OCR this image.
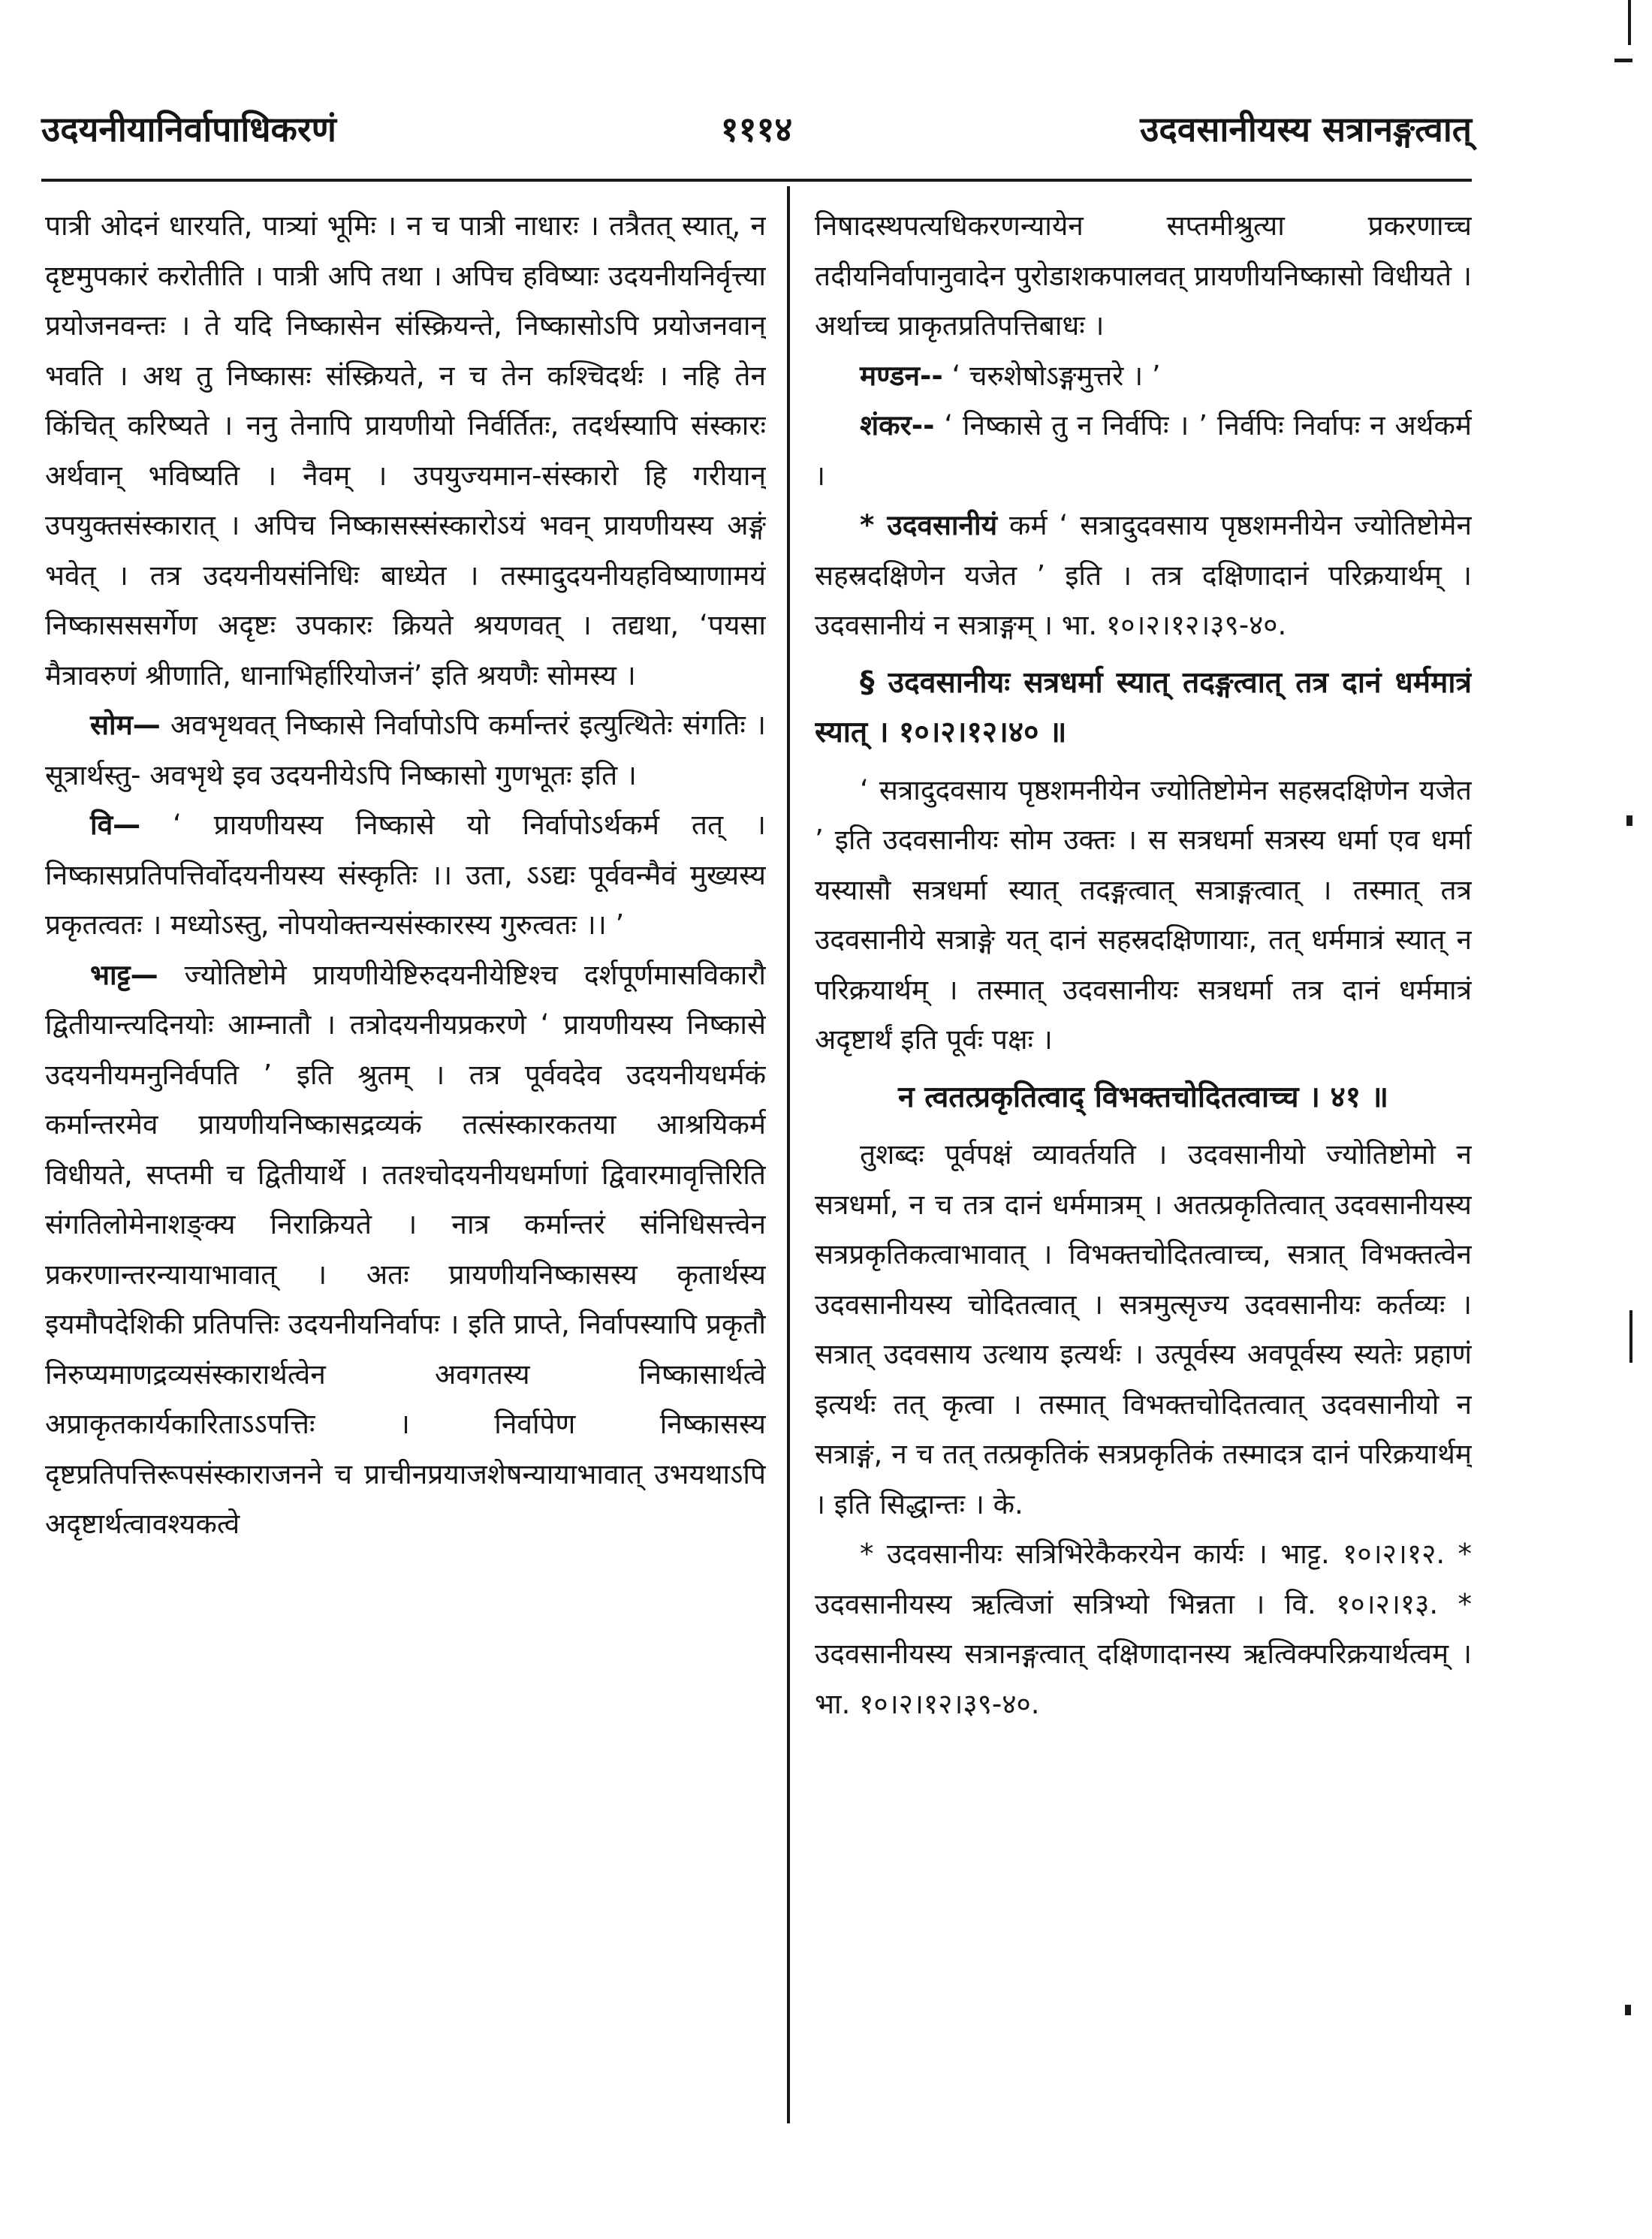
उदयनीयानिर्वापाधिकरणं	१११४	उदवसानीयस्य सत्रानङ्गत्वात्

पात्री ओदनं धारयति, पात्र्यां भूमिः । न च पात्री नाधारः । तत्रैतत् स्यात्, न दृष्टमुपकारं करोतीति । पात्री अपि तथा । अपिच हविष्याः उदयनीयनिर्वृत्त्या प्रयोजनवन्तः । ते यदि निष्कासेन संस्क्रियन्ते, निष्कासोऽपि प्रयोजनवान् भवति । अथ तु निष्कासः संस्क्रियते, न च तेन कश्चिदर्थः । नहि तेन किंचित् करिष्यते । ननु तेनापि प्रायणीयो निर्वर्तितः, तदर्थस्यापि संस्कारः अर्थवान् भविष्यति । नैवम् । उपयुज्यमान-संस्कारो हि गरीयान् उपयुक्तसंस्कारात् । अपिच निष्कासस्संस्कारोऽयं भवन् प्रायणीयस्य अङ्गं भवेत् । तत्र उदयनीयसंनिधिः बाध्येत । तस्मादुदयनीयहविष्याणामयं निष्कासससर्गेण अदृष्टः उपकारः क्रियते श्रयणवत् । तद्यथा, ‘पयसा मैत्रावरुणं श्रीणाति, धानाभिर्हारियोजनं’ इति श्रयणैः सोमस्य ।

सोम— अवभृथवत् निष्कासे निर्वापोऽपि कर्मान्तरं इत्युत्थितेः संगतिः । सूत्रार्थस्तु- अवभृथे इव उदयनीयेऽपि निष्कासो गुणभूतः इति ।

वि— ‘ प्रायणीयस्य निष्कासे यो निर्वापोऽर्थकर्म तत् । निष्कासप्रतिपत्तिर्वोदयनीयस्य संस्कृतिः ।। उता, ऽऽद्यः पूर्ववन्मैवं मुख्यस्य प्रकृतत्वतः । मध्योऽस्तु, नोपयोक्तन्यसंस्कारस्य गुरुत्वतः ।। ’

भाट्ट— ज्योतिष्टोमे प्रायणीयेष्टिरुदयनीयेष्टिश्च दर्शपूर्णमासविकारौ द्वितीयान्त्यदिनयोः आम्नातौ । तत्रोदयनीयप्रकरणे ‘ प्रायणीयस्य निष्कासे उदयनीयमनुनिर्वपति ’ इति श्रुतम् । तत्र पूर्ववदेव उदयनीयधर्मकं कर्मान्तरमेव प्रायणीयनिष्कासद्रव्यकं तत्संस्कारकतया आश्रयिकर्म विधीयते, सप्तमी च द्वितीयार्थे । ततश्चोदयनीयधर्माणां द्विवारमावृत्तिरिति संगतिलोमेनाशङ्क्य निराक्रियते । नात्र कर्मान्तरं संनिधिसत्त्वेन प्रकरणान्तरन्यायाभावात् । अतः प्रायणीयनिष्कासस्य कृतार्थस्य इयमौपदेशिकी प्रतिपत्तिः उदयनीयनिर्वापः । इति प्राप्ते, निर्वापस्यापि प्रकृतौ निरुप्यमाणद्रव्यसंस्कारार्थत्वेन अवगतस्य निष्कासार्थत्वे अप्राकृतकार्यकारिताऽऽपत्तिः । निर्वापेण निष्कासस्य दृष्टप्रतिपत्तिरूपसंस्काराजनने च प्राचीनप्रयाजशेषन्यायाभावात् उभयथाऽपि अदृष्टार्थत्वावश्यकत्वे

निषादस्थपत्यधिकरणन्यायेन सप्तमीश्रुत्या प्रकरणाच्च तदीयनिर्वापानुवादेन पुरोडाशकपालवत् प्रायणीयनिष्कासो विधीयते । अर्थाच्च प्राकृतप्रतिपत्तिबाधः ।

मण्डन-- ‘ चरुशेषोऽङ्गमुत्तरे । ’

शंकर-- ‘ निष्कासे तु न निर्वपिः । ’ निर्वपिः निर्वापः न अर्थकर्म ।

* उदवसानीयं कर्म ‘ सत्रादुदवसाय पृष्ठशमनीयेन ज्योतिष्टोमेन सहस्रदक्षिणेन यजेत ’ इति । तत्र दक्षिणादानं परिक्रयार्थम् । उदवसानीयं न सत्राङ्गम् । भा. १०।२।१२।३९-४०.

§ उदवसानीयः सत्रधर्मा स्यात् तदङ्गत्वात् तत्र दानं धर्ममात्रं स्यात् । १०।२।१२।४० ॥

‘ सत्रादुदवसाय पृष्ठशमनीयेन ज्योतिष्टोमेन सहस्रदक्षिणेन यजेत ’ इति उदवसानीयः सोम उक्तः । स सत्रधर्मा सत्रस्य धर्मा एव धर्मा यस्यासौ सत्रधर्मा स्यात् तदङ्गत्वात् सत्राङ्गत्वात् । तस्मात् तत्र उदवसानीये सत्राङ्गे यत् दानं सहस्रदक्षिणायाः, तत् धर्ममात्रं स्यात् न परिक्रयार्थम् । तस्मात् उदवसानीयः सत्रधर्मा तत्र दानं धर्ममात्रं अदृष्टार्थं इति पूर्वः पक्षः ।

न त्वतत्प्रकृतित्वाद् विभक्तचोदितत्वाच्च । ४१ ॥

तुशब्दः पूर्वपक्षं व्यावर्तयति । उदवसानीयो ज्योतिष्टोमो न सत्रधर्मा, न च तत्र दानं धर्ममात्रम् । अतत्प्रकृतित्वात् उदवसानीयस्य सत्रप्रकृतिकत्वाभावात् । विभक्तचोदितत्वाच्च, सत्रात् विभक्तत्वेन उदवसानीयस्य चोदितत्वात् । सत्रमुत्सृज्य उदवसानीयः कर्तव्यः । सत्रात् उदवसाय उत्थाय इत्यर्थः । उत्पूर्वस्य अवपूर्वस्य स्यतेः प्रहाणं इत्यर्थः तत् कृत्वा । तस्मात् विभक्तचोदितत्वात् उदवसानीयो न सत्राङ्गं, न च तत् तत्प्रकृतिकं सत्रप्रकृतिकं तस्मादत्र दानं परिक्रयार्थम् । इति सिद्धान्तः । के.

* उदवसानीयः सत्रिभिरेकैकरयेन कार्यः । भाट्ट. १०।२।१२. * उदवसानीयस्य ऋत्विजां सत्रिभ्यो भिन्नता । वि. १०।२।१३. * उदवसानीयस्य सत्रानङ्गत्वात् दक्षिणादानस्य ऋत्विक्परिक्रयार्थत्वम् । भा. १०।२।१२।३९-४०.
